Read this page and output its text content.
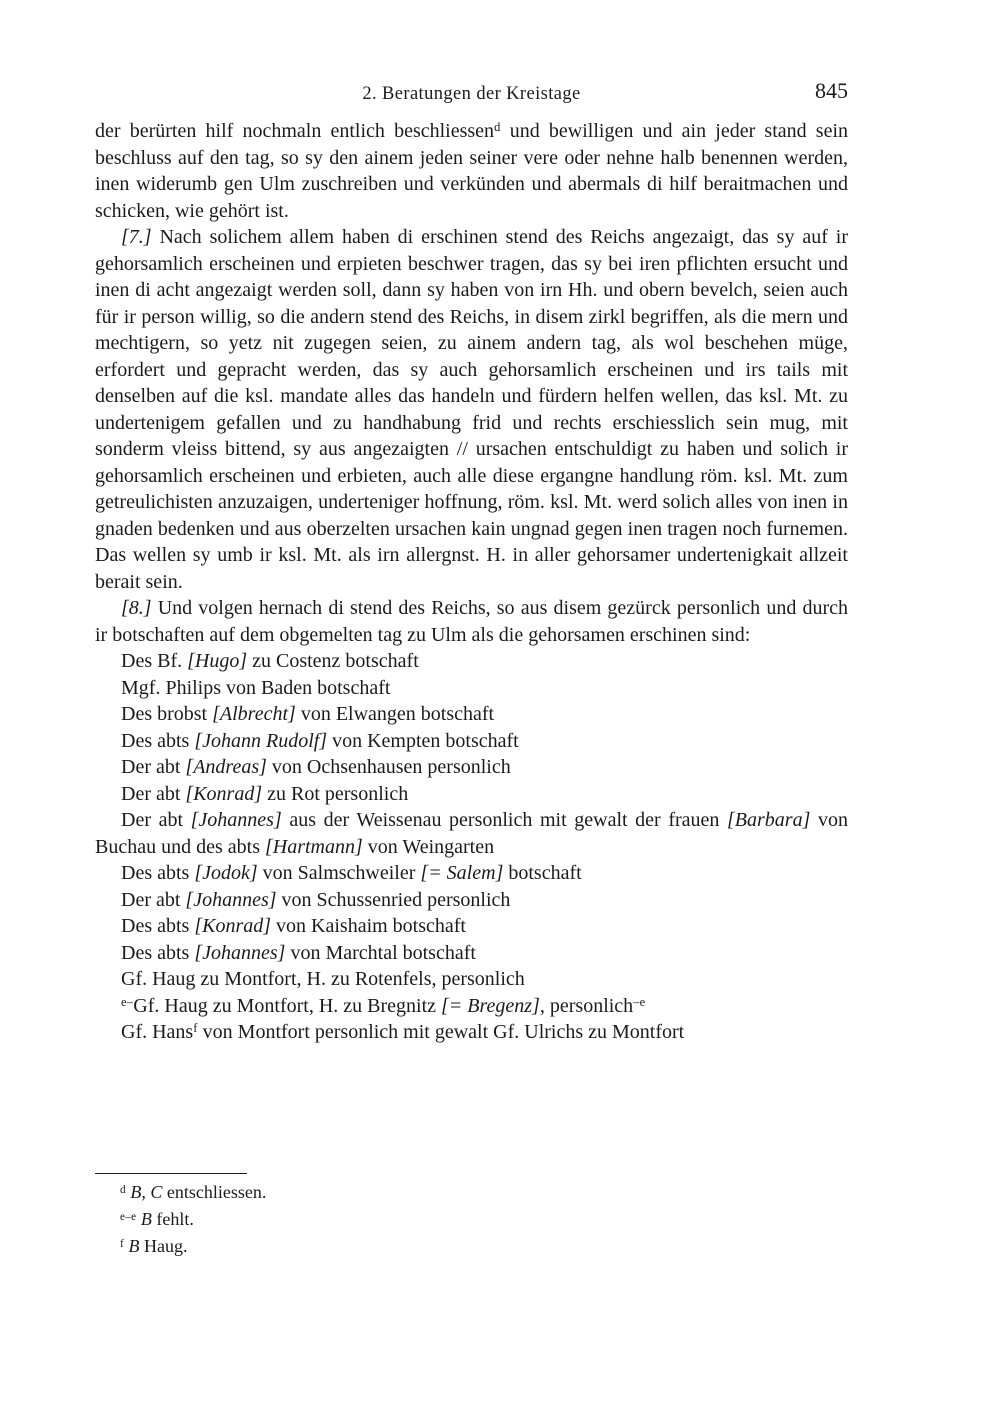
2. Beratungen der Kreistage	845

der berürten hilf nochmaln entlich beschliessen$^d$ und bewilligen und ain jeder stand sein beschluss auf den tag, so sy den ainem jeden seiner vere oder nehne halb benennen werden, inen widerumb gen Ulm zuschreiben und verkünden und abermals di hilf beraitmachen und schicken, wie gehört ist.

[7.] Nach solichem allem haben di erschinen stend des Reichs angezaigt, das sy auf ir gehorsamlich erscheinen und erpieten beschwer tragen, das sy bei iren pflichten ersucht und inen di acht angezaigt werden soll, dann sy haben von irn Hh. und obern bevelch, seien auch für ir person willig, so die andern stend des Reichs, in disem zirkl begriffen, als die mern und mechtigern, so yetz nit zugegen seien, zu ainem andern tag, als wol beschehen müge, erfordert und gepracht werden, das sy auch gehorsamlich erscheinen und irs tails mit denselben auf die ksl. mandate alles das handeln und fürdern helfen wellen, das ksl. Mt. zu undertenigem gefallen und zu handhabung frid und rechts erschiesslich sein mug, mit sonderm vleiss bittend, sy aus angezaigten // ursachen entschuldigt zu haben und solich ir gehorsamlich erscheinen und erbieten, auch alle diese ergangne handlung röm. ksl. Mt. zum getreulichisten anzuzaigen, underteniger hoffnung, röm. ksl. Mt. werd solich alles von inen in gnaden bedenken und aus oberzelten ursachen kain ungnad gegen inen tragen noch furnemen. Das wellen sy umb ir ksl. Mt. als irn allergnst. H. in aller gehorsamer undertenigkait allzeit berait sein.

[8.] Und volgen hernach di stend des Reichs, so aus disem gezürck personlich und durch ir botschaften auf dem obgemelten tag zu Ulm als die gehorsamen erschinen sind:

Des Bf. [Hugo] zu Costenz botschaft

Mgf. Philips von Baden botschaft

Des brobst [Albrecht] von Elwangen botschaft

Des abts [Johann Rudolf] von Kempten botschaft

Der abt [Andreas] von Ochsenhausen personlich

Der abt [Konrad] zu Rot personlich

Der abt [Johannes] aus der Weissenau personlich mit gewalt der frauen [Barbara] von Buchau und des abts [Hartmann] von Weingarten

Des abts [Jodok] von Salmschweiler [= Salem] botschaft

Der abt [Johannes] von Schussenried personlich

Des abts [Konrad] von Kaishaim botschaft

Des abts [Johannes] von Marchtal botschaft

Gf. Haug zu Montfort, H. zu Rotenfels, personlich

$^{e-}$Gf. Haug zu Montfort, H. zu Bregnitz [= Bregenz], personlich$^{-e}$

Gf. Hans$^f$ von Montfort personlich mit gewalt Gf. Ulrichs zu Montfort

$^d$ B, C entschliessen.

$^{e-e}$ B fehlt.

$^f$ B Haug.
